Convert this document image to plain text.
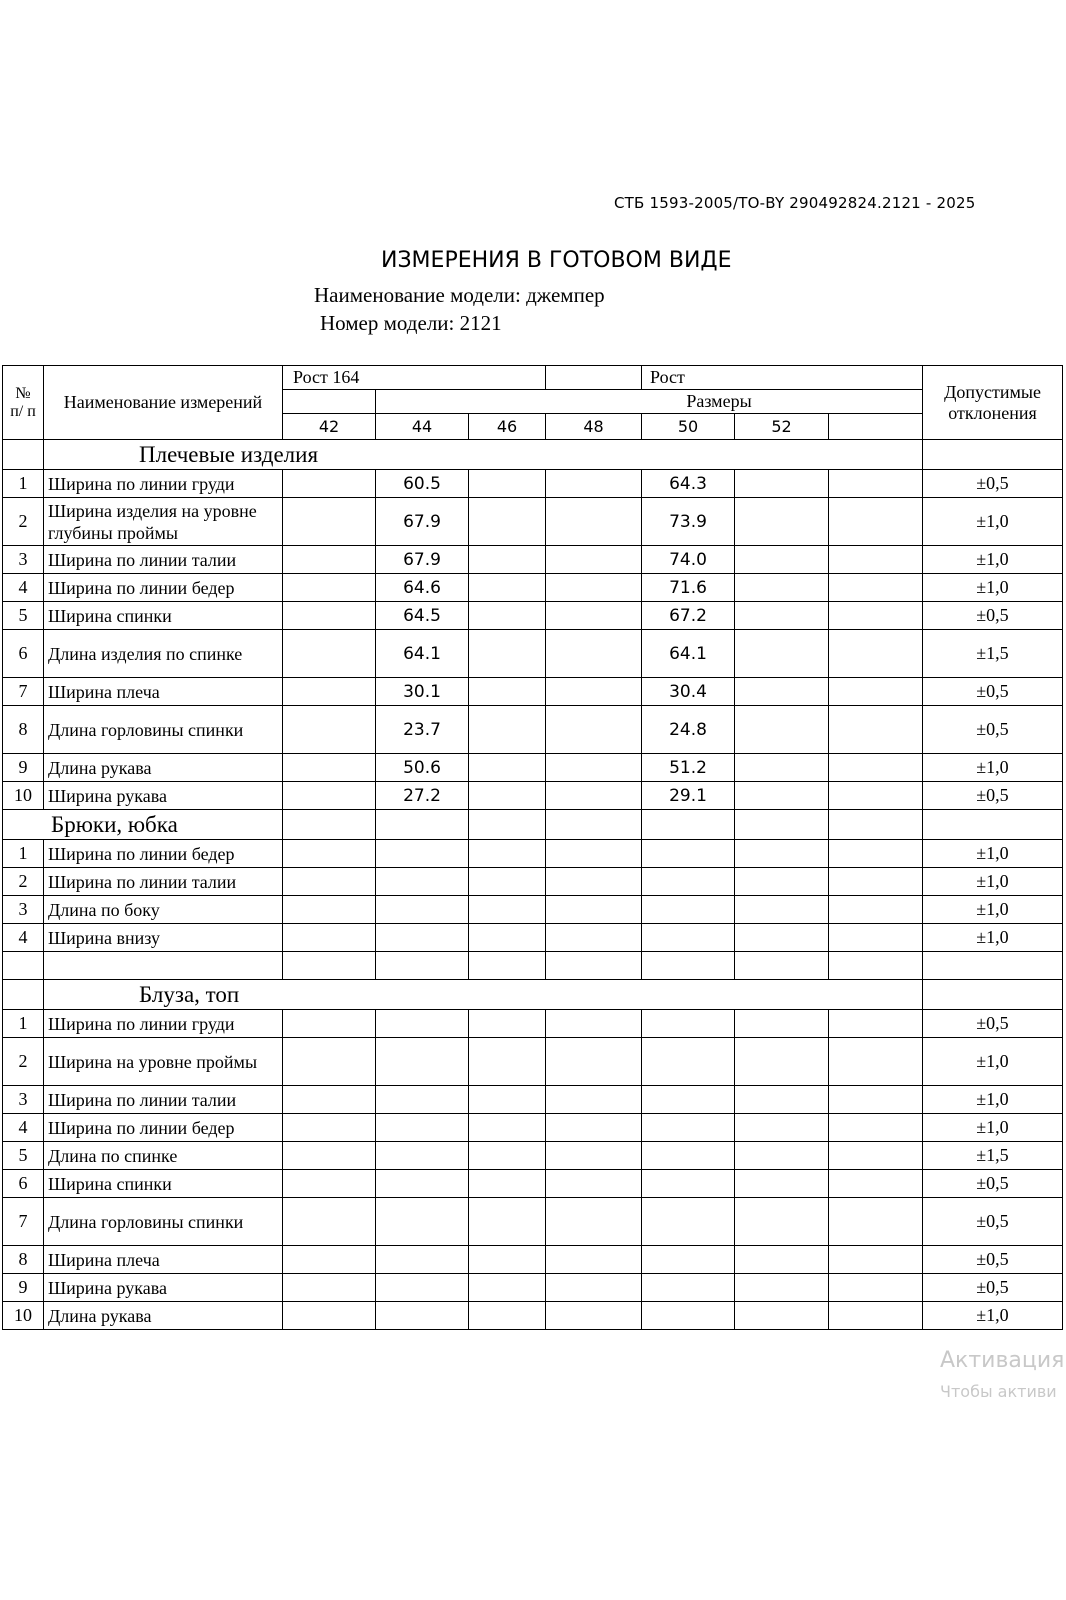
СТБ 1593-2005/ТО-BY 290492824.2121 - 2025
ИЗМЕРЕНИЯ В ГОТОВОМ ВИДЕ
Наименование модели: джемпер
Номер модели: 2121
№ п/ п	Наименование измерений	Рост 164				Рост			Допустимые отклонения
			Размеры						
		42	44	46	48	50	52		
	Плечевые изделия								
1	Ширина по линии груди		60.5			64.3			±0,5
2	Ширина изделия на уровне глубины проймы		67.9			73.9			±1,0
3	Ширина по линии талии		67.9			74.0			±1,0
4	Ширина по линии бедер		64.6			71.6			±1,0
5	Ширина спинки		64.5			67.2			±0,5
6	Длина изделия по спинке		64.1			64.1			±1,5
7	Ширина плеча		30.1			30.4			±0,5
8	Длина горловины спинки		23.7			24.8			±0,5
9	Длина рукава		50.6			51.2			±1,0
10	Ширина рукава		27.2			29.1			±0,5
Брюки, юбка									
1	Ширина по линии бедер								±1,0
2	Ширина по линии талии								±1,0
3	Длина по боку								±1,0
4	Ширина внизу								±1,0

	Блуза, топ								
1	Ширина по линии груди								±0,5
2	Ширина на уровне проймы								±1,0
3	Ширина по линии талии								±1,0
4	Ширина по линии бедер								±1,0
5	Длина по спинке								±1,5
6	Ширина спинки								±0,5
7	Длина горловины спинки								±0,5
8	Ширина плеча								±0,5
9	Ширина рукава								±0,5
10	Длина рукава								±1,0
Активация
Чтобы активи
